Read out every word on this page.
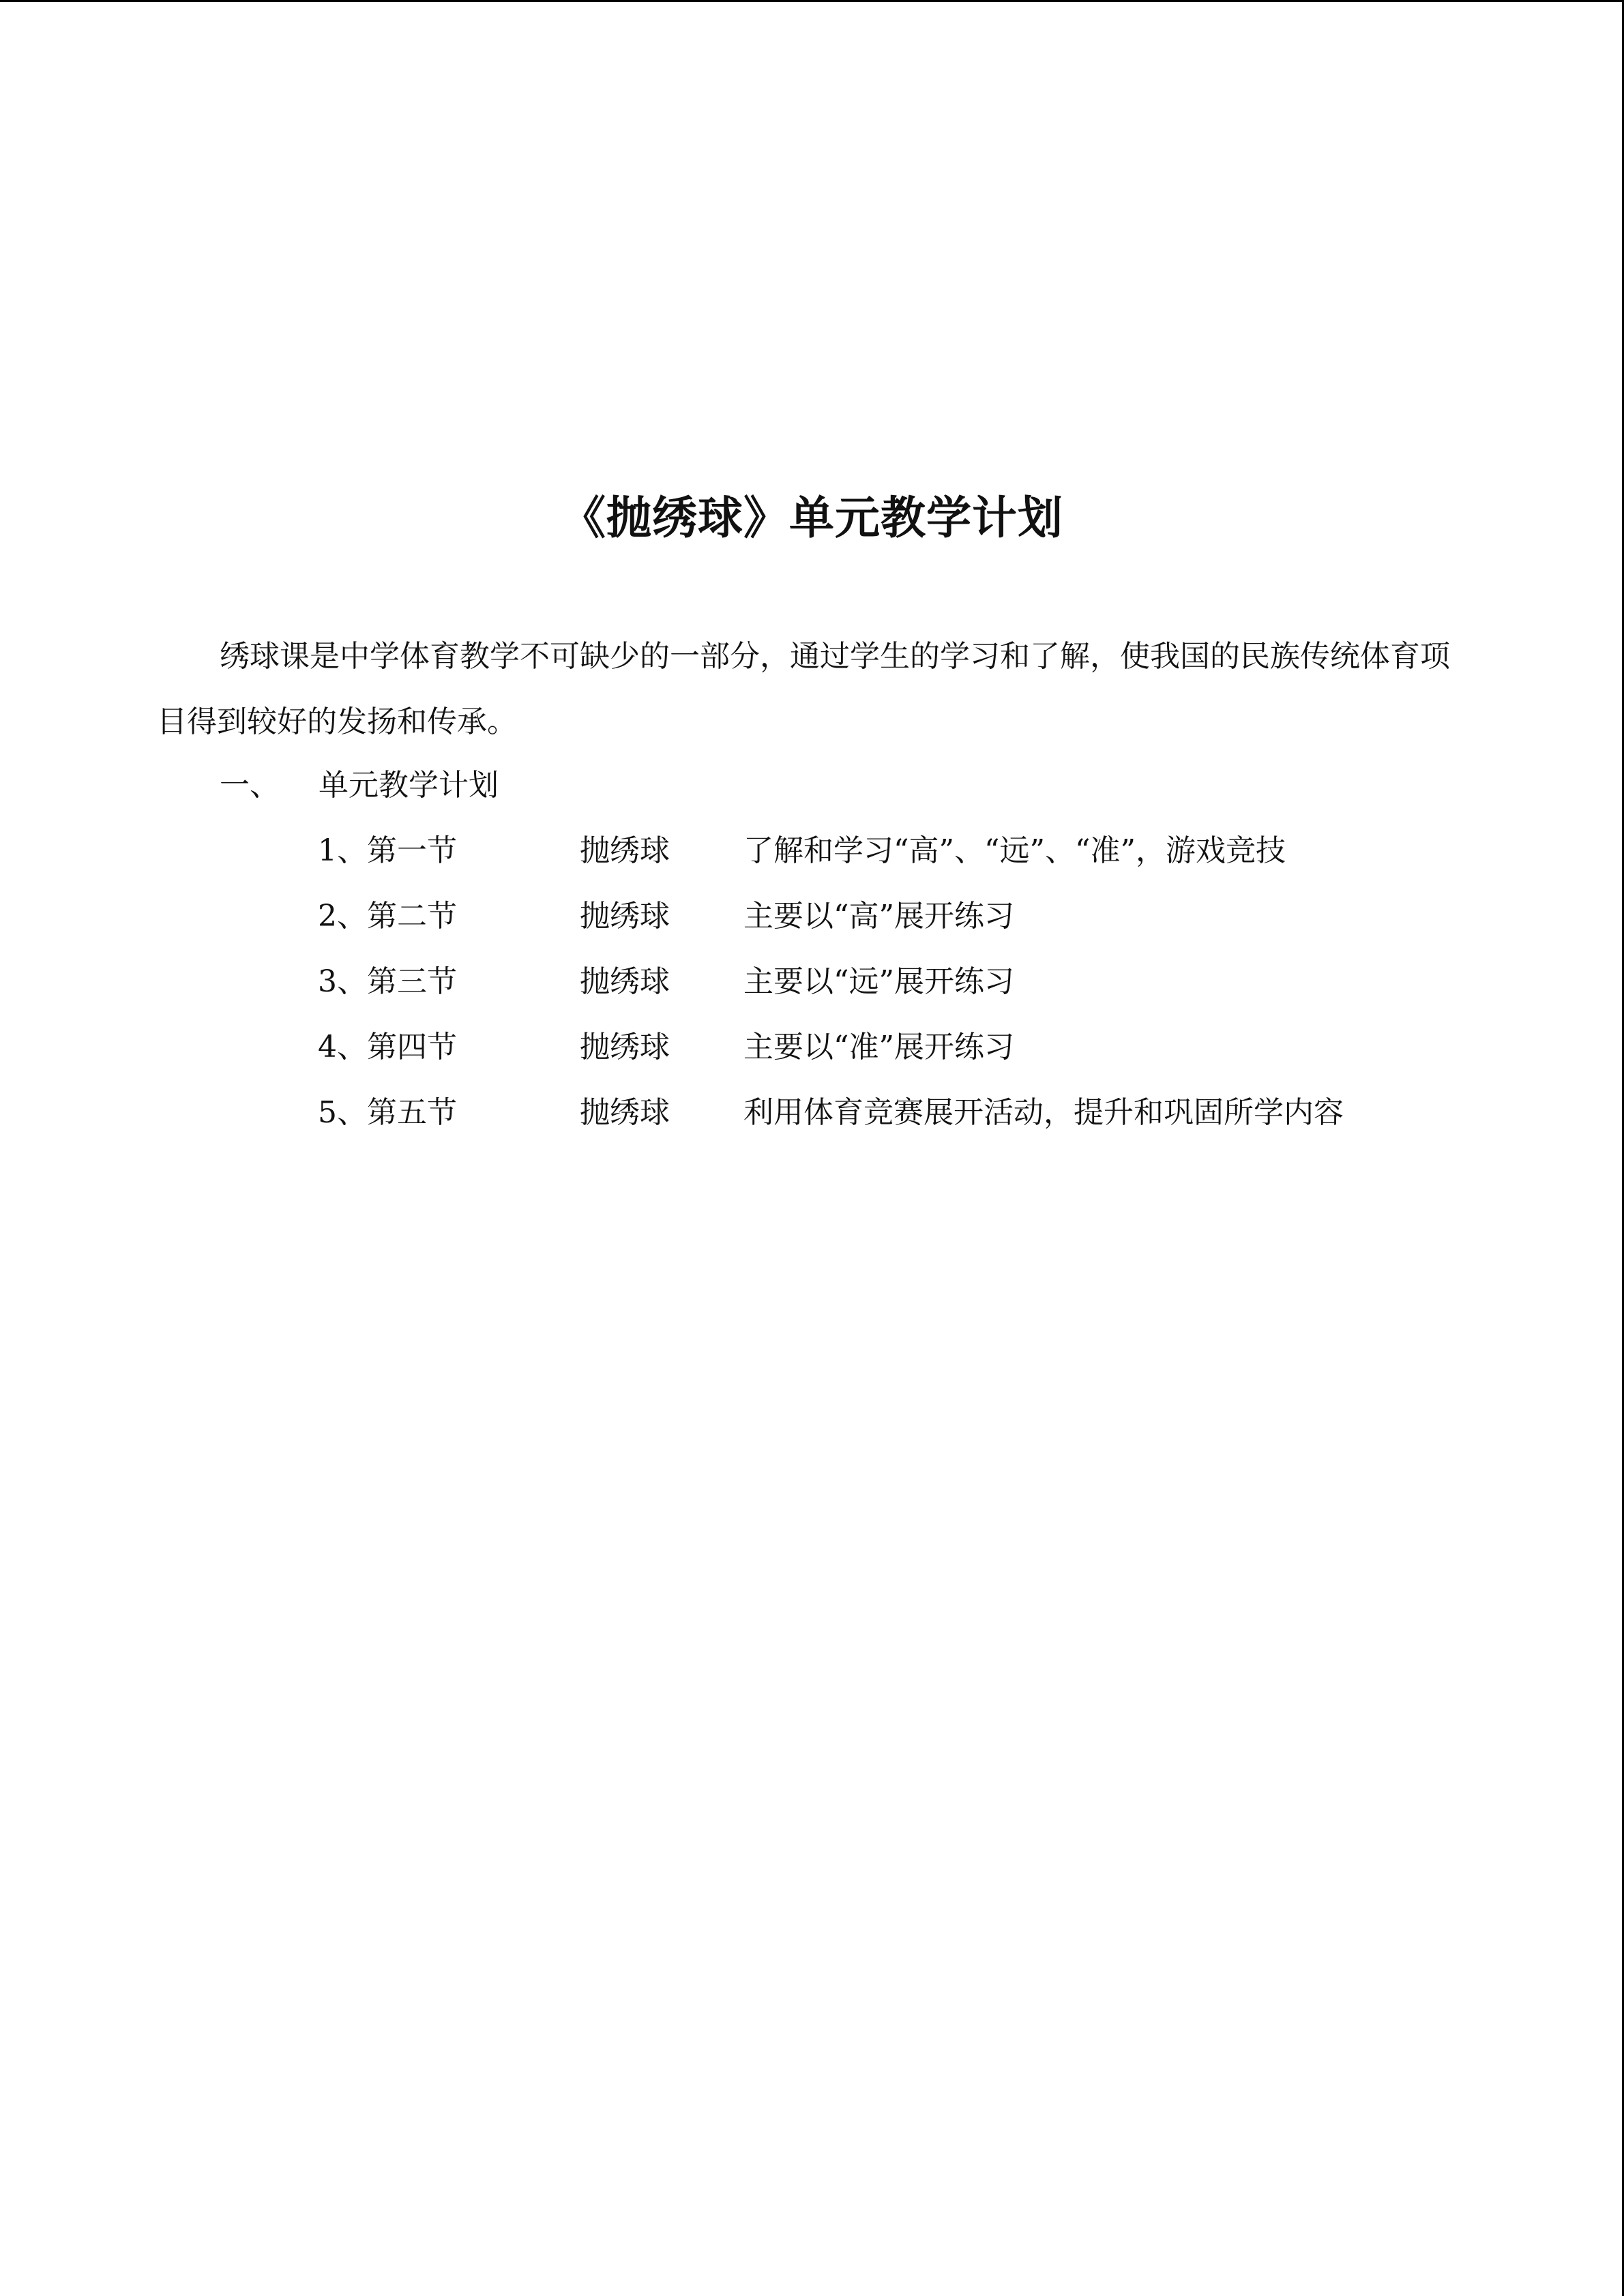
《抛绣球》单元教学计划
绣球课是中学体育教学不可缺少的一部分，通过学生的学习和了解，使我国的民族传统体育项目得到较好的发扬和传承。
一、 单元教学计划
1、第一节	抛绣球 了解和学习“高”、“远”、“准”，游戏竞技
2、第二节	抛绣球 主要以“高”展开练习
3、第三节	抛绣球 主要以“远”展开练习
4、第四节	抛绣球 主要以“准”展开练习
5、第五节	抛绣球 利用体育竞赛展开活动，提升和巩固所学内容
